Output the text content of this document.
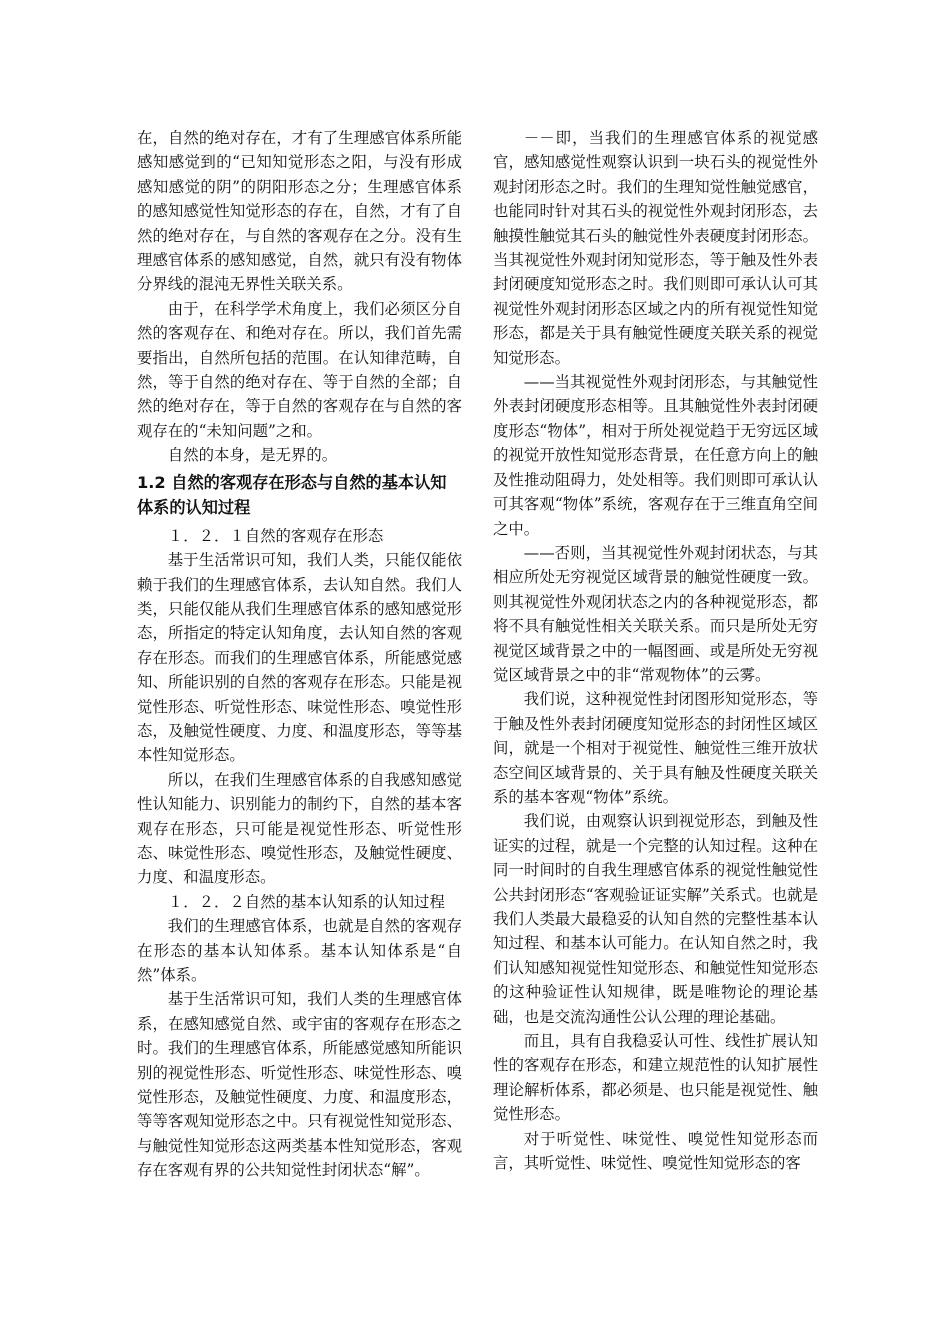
在，自然的绝对存在，才有了生理感官体系所能感知感觉到的“已知知觉形态之阳，与没有形成感知感觉的阴”的阴阳形态之分；生理感官体系的感知感觉性知觉形态的存在，自然，才有了自然的绝对存在，与自然的客观存在之分。没有生理感官体系的感知感觉，自然，就只有没有物体分界线的混沌无界性关联关系。

由于，在科学学术角度上，我们必须区分自然的客观存在、和绝对存在。所以，我们首先需要指出，自然所包括的范围。在认知律范畴，自然，等于自然的绝对存在、等于自然的全部；自然的绝对存在，等于自然的客观存在与自然的客观存在的“未知问题”之和。

自然的本身，是无界的。

1.2 自然的客观存在形态与自然的基本认知体系的认知过程

１．２．１自然的客观存在形态

基于生活常识可知，我们人类，只能仅能依赖于我们的生理感官体系，去认知自然。我们人类，只能仅能从我们生理感官体系的感知感觉形态，所指定的特定认知角度，去认知自然的客观存在形态。而我们的生理感官体系，所能感觉感知、所能识别的自然的客观存在形态。只能是视觉性形态、听觉性形态、味觉性形态、嗅觉性形态，及触觉性硬度、力度、和温度形态，等等基本性知觉形态。

所以，在我们生理感官体系的自我感知感觉性认知能力、识别能力的制约下，自然的基本客观存在形态，只可能是视觉性形态、听觉性形态、味觉性形态、嗅觉性形态，及触觉性硬度、力度、和温度形态。

１．２．２自然的基本认知系的认知过程

我们的生理感官体系，也就是自然的客观存在形态的基本认知体系。基本认知体系是“自然”体系。

基于生活常识可知，我们人类的生理感官体系，在感知感觉自然、或宇宙的客观存在形态之时。我们的生理感官体系，所能感觉感知所能识别的视觉性形态、听觉性形态、味觉性形态、嗅觉性形态，及触觉性硬度、力度、和温度形态，等等客观知觉形态之中。只有视觉性知觉形态、与触觉性知觉形态这两类基本性知觉形态，客观存在客观有界的公共知觉性封闭状态“解”。

－－即，当我们的生理感官体系的视觉感官，感知感觉性观察认识到一块石头的视觉性外观封闭形态之时。我们的生理知觉性触觉感官，也能同时针对其石头的视觉性外观封闭形态，去触摸性触觉其石头的触觉性外表硬度封闭形态。当其视觉性外观封闭知觉形态，等于触及性外表封闭硬度知觉形态之时。我们则即可承认认可其视觉性外观封闭形态区域之内的所有视觉性知觉形态，都是关于具有触觉性硬度关联关系的视觉知觉形态。

——当其视觉性外观封闭形态，与其触觉性外表封闭硬度形态相等。且其触觉性外表封闭硬度形态“物体”，相对于所处视觉趋于无穷远区域的视觉开放性知觉形态背景，在任意方向上的触及性推动阻碍力，处处相等。我们则即可承认认可其客观“物体”系统，客观存在于三维直角空间之中。

——否则，当其视觉性外观封闭状态，与其相应所处无穷视觉区域背景的触觉性硬度一致。则其视觉性外观闭状态之内的各种视觉形态，都将不具有触觉性相关关联关系。而只是所处无穷视觉区域背景之中的一幅图画、或是所处无穷视觉区域背景之中的非“常观物体”的云雾。

我们说，这种视觉性封闭图形知觉形态，等于触及性外表封闭硬度知觉形态的封闭性区域区间，就是一个相对于视觉性、触觉性三维开放状态空间区域背景的、关于具有触及性硬度关联关系的基本客观“物体”系统。

我们说，由观察认识到视觉形态，到触及性证实的过程，就是一个完整的认知过程。这种在同一时间时的自我生理感官体系的视觉性触觉性公共封闭形态“客观验证证实解”关系式。也就是我们人类最大最稳妥的认知自然的完整性基本认知过程、和基本认可能力。在认知自然之时，我们认知感知视觉性知觉形态、和触觉性知觉形态的这种验证性认知规律，既是唯物论的理论基础，也是交流沟通性公认公理的理论基础。

而且，具有自我稳妥认可性、线性扩展认知性的客观存在形态，和建立规范性的认知扩展性理论解析体系，都必须是、也只能是视觉性、触觉性形态。

对于听觉性、味觉性、嗅觉性知觉形态而言，其听觉性、味觉性、嗅觉性知觉形态的客
